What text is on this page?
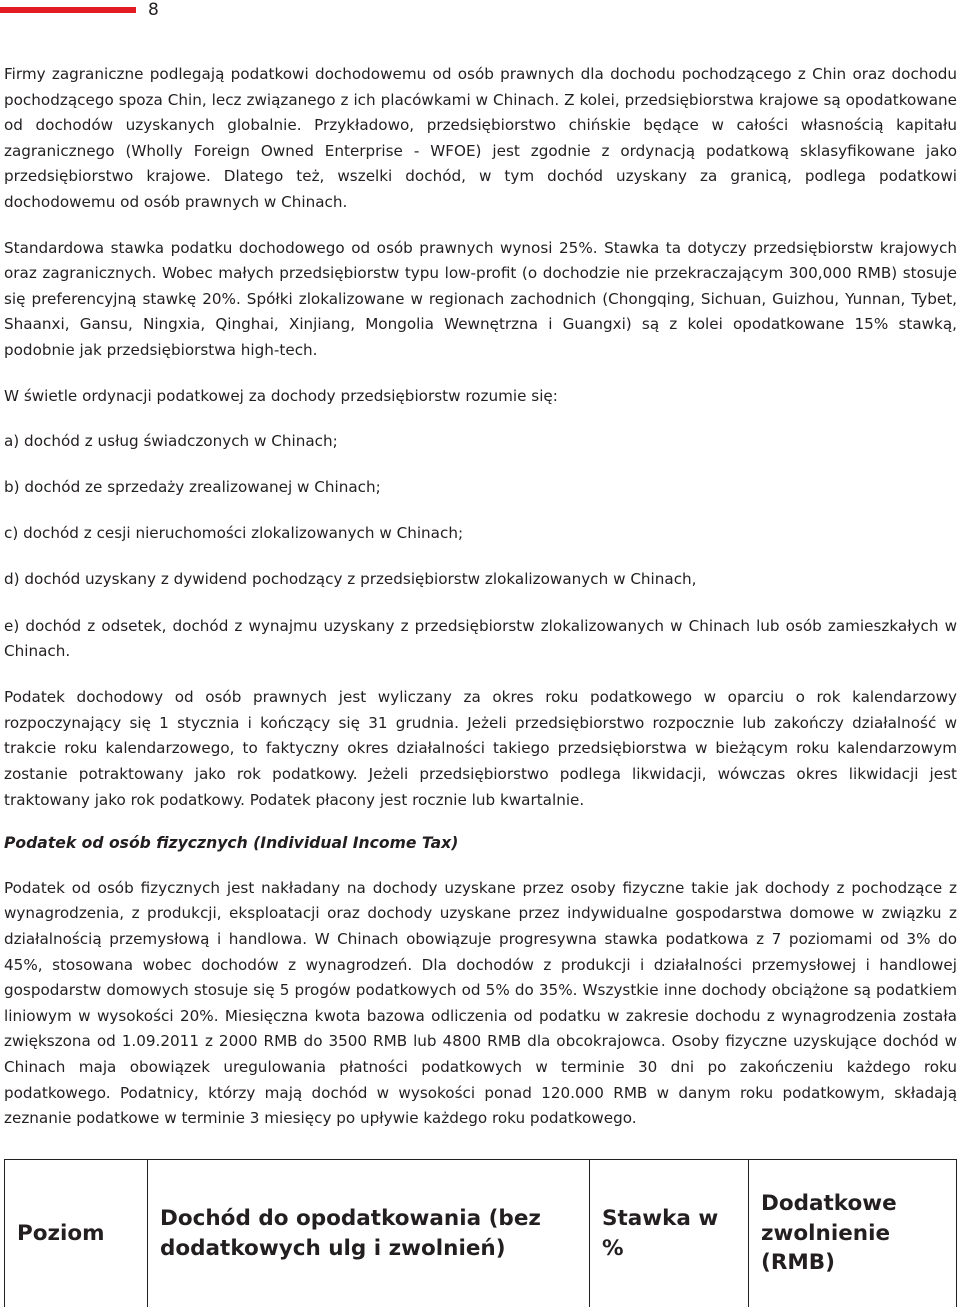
8

Firmy zagraniczne podlegają podatkowi dochodowemu od osób prawnych dla dochodu pochodzącego z Chin oraz dochodu pochodzącego spoza Chin, lecz związanego z ich placówkami w Chinach. Z kolei, przedsiębiorstwa krajowe są opodatkowane od dochodów uzyskanych globalnie. Przykładowo, przedsiębiorstwo chińskie będące w całości własnością kapitału zagranicznego (Wholly Foreign Owned Enterprise - WFOE) jest zgodnie z ordynacją podatkową sklasyfikowane jako przedsiębiorstwo krajowe. Dlatego też, wszelki dochód, w tym dochód uzyskany za granicą, podlega podatkowi dochodowemu od osób prawnych w Chinach.

Standardowa stawka podatku dochodowego od osób prawnych wynosi 25%. Stawka ta dotyczy przedsiębiorstw krajowych oraz zagranicznych. Wobec małych przedsiębiorstw typu low-profit (o dochodzie nie przekraczającym 300,000 RMB) stosuje się preferencyjną stawkę 20%. Spółki zlokalizowane w regionach zachodnich (Chongqing, Sichuan, Guizhou, Yunnan, Tybet, Shaanxi, Gansu, Ningxia, Qinghai, Xinjiang, Mongolia Wewnętrzna i Guangxi) są z kolei opodatkowane 15% stawką, podobnie jak przedsiębiorstwa high-tech.

W świetle ordynacji podatkowej za dochody przedsiębiorstw rozumie się:

a) dochód z usług świadczonych w Chinach;

b) dochód ze sprzedaży zrealizowanej w Chinach;

c) dochód z cesji nieruchomości zlokalizowanych w Chinach;

d) dochód uzyskany z dywidend pochodzący z przedsiębiorstw zlokalizowanych w Chinach,

e) dochód z odsetek, dochód z wynajmu uzyskany z przedsiębiorstw zlokalizowanych w Chinach lub osób zamieszkałych w Chinach.

Podatek dochodowy od osób prawnych jest wyliczany za okres roku podatkowego w oparciu o rok kalendarzowy rozpoczynający się 1 stycznia i kończący się 31 grudnia. Jeżeli przedsiębiorstwo rozpocznie lub zakończy działalność w trakcie roku kalendarzowego, to faktyczny okres działalności takiego przedsiębiorstwa w bieżącym roku kalendarzowym zostanie potraktowany jako rok podatkowy. Jeżeli przedsiębiorstwo podlega likwidacji, wówczas okres likwidacji jest traktowany jako rok podatkowy. Podatek płacony jest rocznie lub kwartalnie.

Podatek od osób fizycznych (Individual Income Tax)

Podatek od osób fizycznych jest nakładany na dochody uzyskane przez osoby fizyczne takie jak dochody z pochodzące z wynagrodzenia, z produkcji, eksploatacji oraz dochody uzyskane przez indywidualne gospodarstwa domowe w związku z działalnością przemysłową i handlowa. W Chinach obowiązuje progresywna stawka podatkowa z 7 poziomami od 3% do 45%, stosowana wobec dochodów z wynagrodzeń. Dla dochodów z produkcji i działalności przemysłowej i handlowej gospodarstw domowych stosuje się 5 progów podatkowych od 5% do 35%. Wszystkie inne dochody obciążone są podatkiem liniowym w wysokości 20%. Miesięczna kwota bazowa odliczenia od podatku w zakresie dochodu z wynagrodzenia została zwiększona od 1.09.2011 z 2000 RMB do 3500 RMB lub 4800 RMB dla obcokrajowca. Osoby fizyczne uzyskujące dochód w Chinach maja obowiązek uregulowania płatności podatkowych w terminie 30 dni po zakończeniu każdego roku podatkowego. Podatnicy, którzy mają dochód w wysokości ponad 120.000 RMB w danym roku podatkowym, składają zeznanie podatkowe w terminie 3 miesięcy po upływie każdego roku podatkowego.

Poziom	Dochód do opodatkowania (bez dodatkowych ulg i zwolnień)	Stawka w %	Dodatkowe zwolnienie (RMB)
